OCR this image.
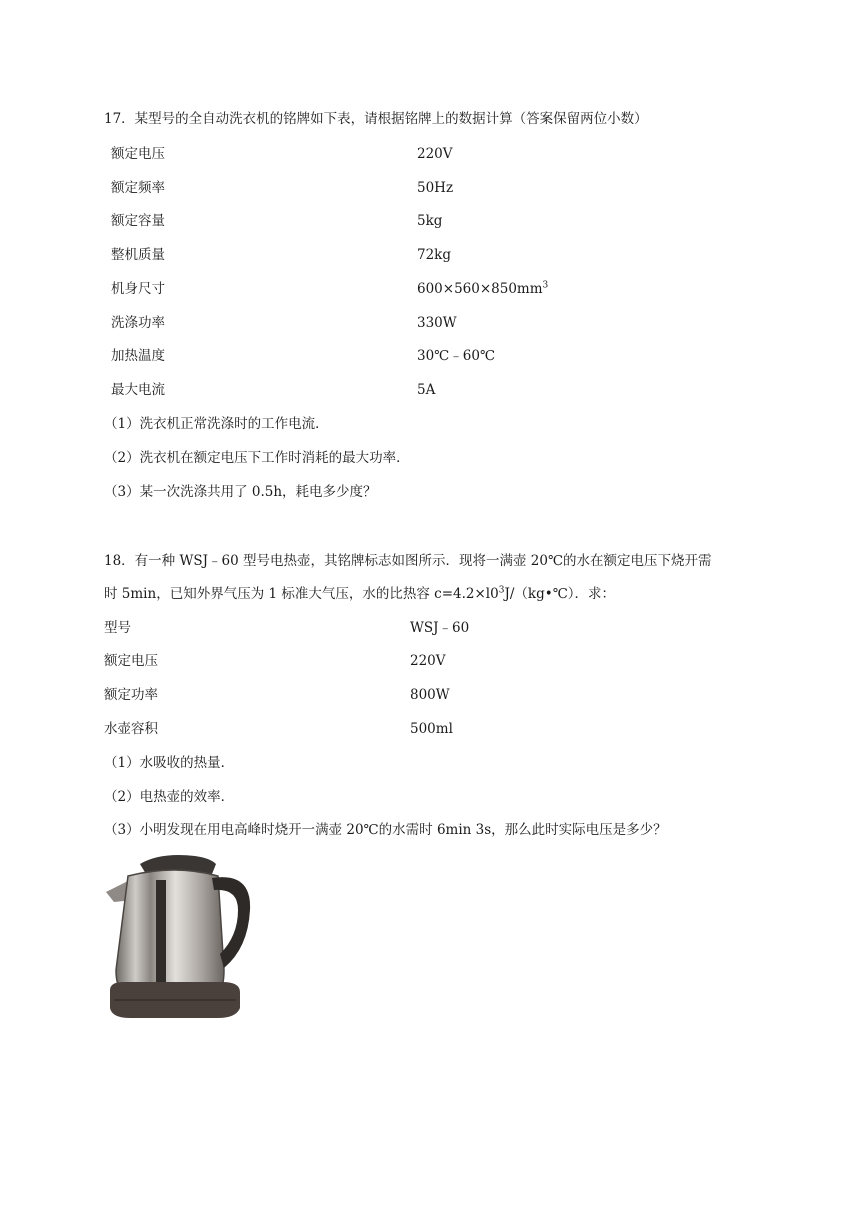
17．某型号的全自动洗衣机的铭牌如下表，请根据铭牌上的数据计算（答案保留两位小数）
额定电压	220V
额定频率	50Hz
额定容量	5kg
整机质量	72kg
机身尺寸	$600\times 560\times 850mm^3$
洗涤功率	330W
加热温度	30℃﹣60℃
最大电流	5A
（1）洗衣机正常洗涤时的工作电流．
（2）洗衣机在额定电压下工作时消耗的最大功率．
（3）某一次洗涤共用了 0.5h，耗电多少度？
18．有一种 WSJ﹣60 型号电热壶，其铭牌标志如图所示．现将一满壶 20℃的水在额定电压下烧开需
时 5min，已知外界气压为 1 标准大气压，水的比热容 $c=4.2\times l0^3J/(kg•℃)$．求：
型号	WSJ﹣60
额定电压	220V
额定功率	800W
水壶容积	500ml
（1）水吸收的热量．
（2）电热壶的效率．
（3）小明发现在用电高峰时烧开一满壶 20℃的水需时 6min 3s，那么此时实际电压是多少？
